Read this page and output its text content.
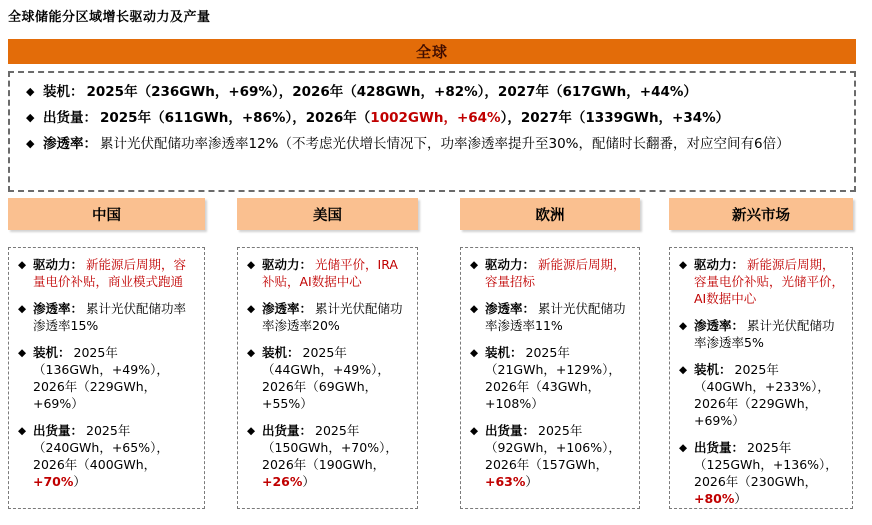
全球储能分区域增长驱动力及产量
全球
◆ 装机： 2025年（236GWh，+69%），2026年（428GWh，+82%），2027年（617GWh，+44%）
◆ 出货量： 2025年（611GWh，+86%），2026年（1002GWh，+64%），2027年（1339GWh，+34%）
◆ 渗透率： 累计光伏配储功率渗透率12%（不考虑光伏增长情况下，功率渗透率提升至30%，配储时长翻番，对应空间有6倍）
中国
◆ 驱动力： 新能源后周期，容量电价补贴，商业模式跑通
◆ 渗透率： 累计光伏配储功率渗透率15%
◆ 装机： 2025年（136GWh，+49%），2026年（229GWh，+69%）
◆ 出货量： 2025年（240GWh，+65%），2026年（400GWh，+70%）
美国
◆ 驱动力： 光储平价，IRA补贴，AI数据中心
◆ 渗透率： 累计光伏配储功率渗透率20%
◆ 装机： 2025年（44GWh，+49%），2026年（69GWh，+55%）
◆ 出货量： 2025年（150GWh，+70%），2026年（190GWh，+26%）
欧洲
◆ 驱动力： 新能源后周期，容量招标
◆ 渗透率： 累计光伏配储功率渗透率11%
◆ 装机： 2025年（21GWh，+129%），2026年（43GWh，+108%）
◆ 出货量： 2025年（92GWh，+106%），2026年（157GWh，+63%）
新兴市场
◆ 驱动力： 新能源后周期，容量电价补贴，光储平价，AI数据中心
◆ 渗透率： 累计光伏配储功率渗透率5%
◆ 装机： 2025年（40GWh，+233%），2026年（229GWh，+69%）
◆ 出货量： 2025年（125GWh，+136%），2026年（230GWh，+80%）
